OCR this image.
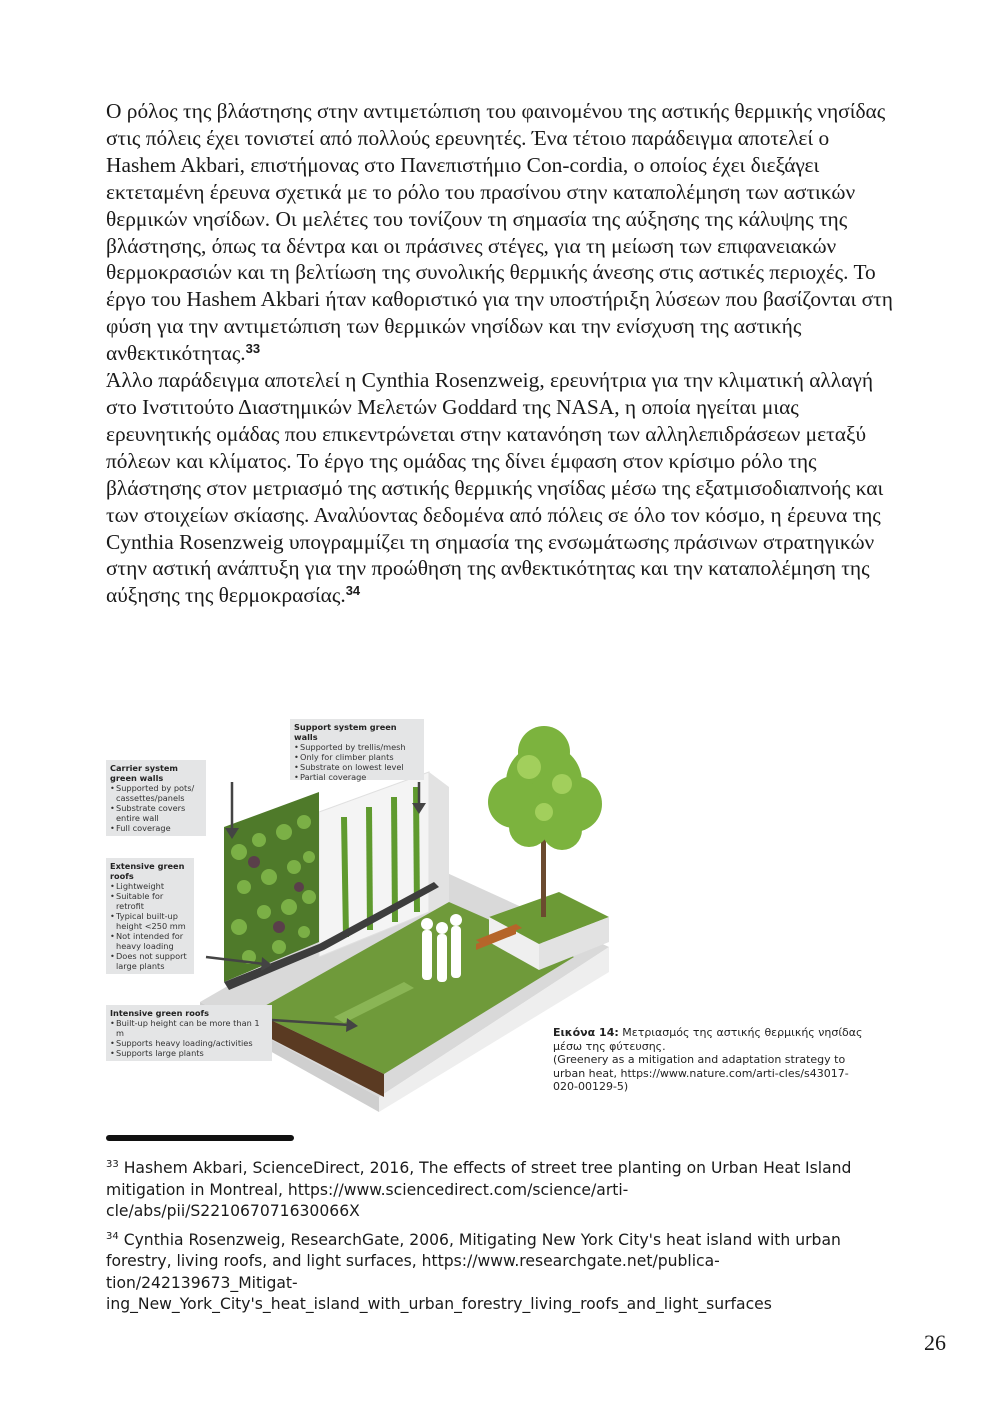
Ο ρόλος της βλάστησης στην αντιμετώπιση του φαινομένου της αστικής θερμικής νησίδας στις πόλεις έχει τονιστεί από πολλούς ερευνητές. Ένα τέτοιο παράδειγμα αποτελεί ο Hashem Akbari, επιστήμονας στο Πανεπιστήμιο Con-cordia, ο οποίος έχει διεξάγει εκτεταμένη έρευνα σχετικά με το ρόλο του πρασίνου στην καταπολέμηση των αστικών θερμικών νησίδων. Οι μελέτες του τονίζουν τη σημασία της αύξησης της κάλυψης της βλάστησης, όπως τα δέντρα και οι πράσινες στέγες, για τη μείωση των επιφανειακών θερμοκρασιών και τη βελτίωση της συνολικής θερμικής άνεσης στις αστικές περιοχές. Το έργο του Hashem Akbari ήταν καθοριστικό για την υποστήριξη λύσεων που βασίζονται στη φύση για την αντιμετώπιση των θερμικών νησίδων και την ενίσχυση της αστικής ανθεκτικότητας.$^{33}$

Άλλο παράδειγμα αποτελεί η Cynthia Rosenzweig, ερευνήτρια για την κλιματική αλλαγή στο Ινστιτούτο Διαστημικών Μελετών Goddard της NASA, η οποία ηγείται μιας ερευνητικής ομάδας που επικεντρώνεται στην κατανόηση των αλληλεπιδράσεων μεταξύ πόλεων και κλίματος. Το έργο της ομάδας της δίνει έμφαση στον κρίσιμο ρόλο της βλάστησης στον μετριασμό της αστικής θερμικής νησίδας μέσω της εξατμισοδιαπνοής και των στοιχείων σκίασης. Αναλύοντας δεδομένα από πόλεις σε όλο τον κόσμο, η έρευνα της Cynthia Rosenzweig υπογραμμίζει τη σημασία της ενσωμάτωσης πράσινων στρατηγικών στην αστική ανάπτυξη για την προώθηση της ανθεκτικότητας και την καταπολέμηση της αύξησης της θερμοκρασίας.$^{34}$

Support system green walls
• Supported by trellis/mesh
• Only for climber plants
• Substrate on lowest level
• Partial coverage
Carrier system green walls
• Supported by pots/ cassettes/panels
• Substrate covers entire wall
• Full coverage
Extensive green roofs
• Lightweight
• Suitable for retrofit
• Typical built-up height <250 mm
• Not intended for heavy loading
• Does not support large plants
Intensive green roofs
• Built-up height can be more than 1 m
• Supports heavy loading/activities
• Supports large plants
Εικόνα 14: Μετριασμός της αστικής θερμικής νησίδας μέσω της φύτευσης.
(Greenery as a mitigation and adaptation strategy to urban heat, https://www.nature.com/arti-cles/s43017-020-00129-5)

$^{33}$ Hashem Akbari, ScienceDirect, 2016, The effects of street tree planting on Urban Heat Island mitigation in Montreal, https://www.sciencedirect.com/science/arti-cle/abs/pii/S221067071630066X

$^{34}$ Cynthia Rosenzweig, ResearchGate, 2006, Mitigating New York City's heat island with urban forestry, living roofs, and light surfaces, https://www.researchgate.net/publica-tion/242139673_Mitigat-ing_New_York_City's_heat_island_with_urban_forestry_living_roofs_and_light_surfaces

26
